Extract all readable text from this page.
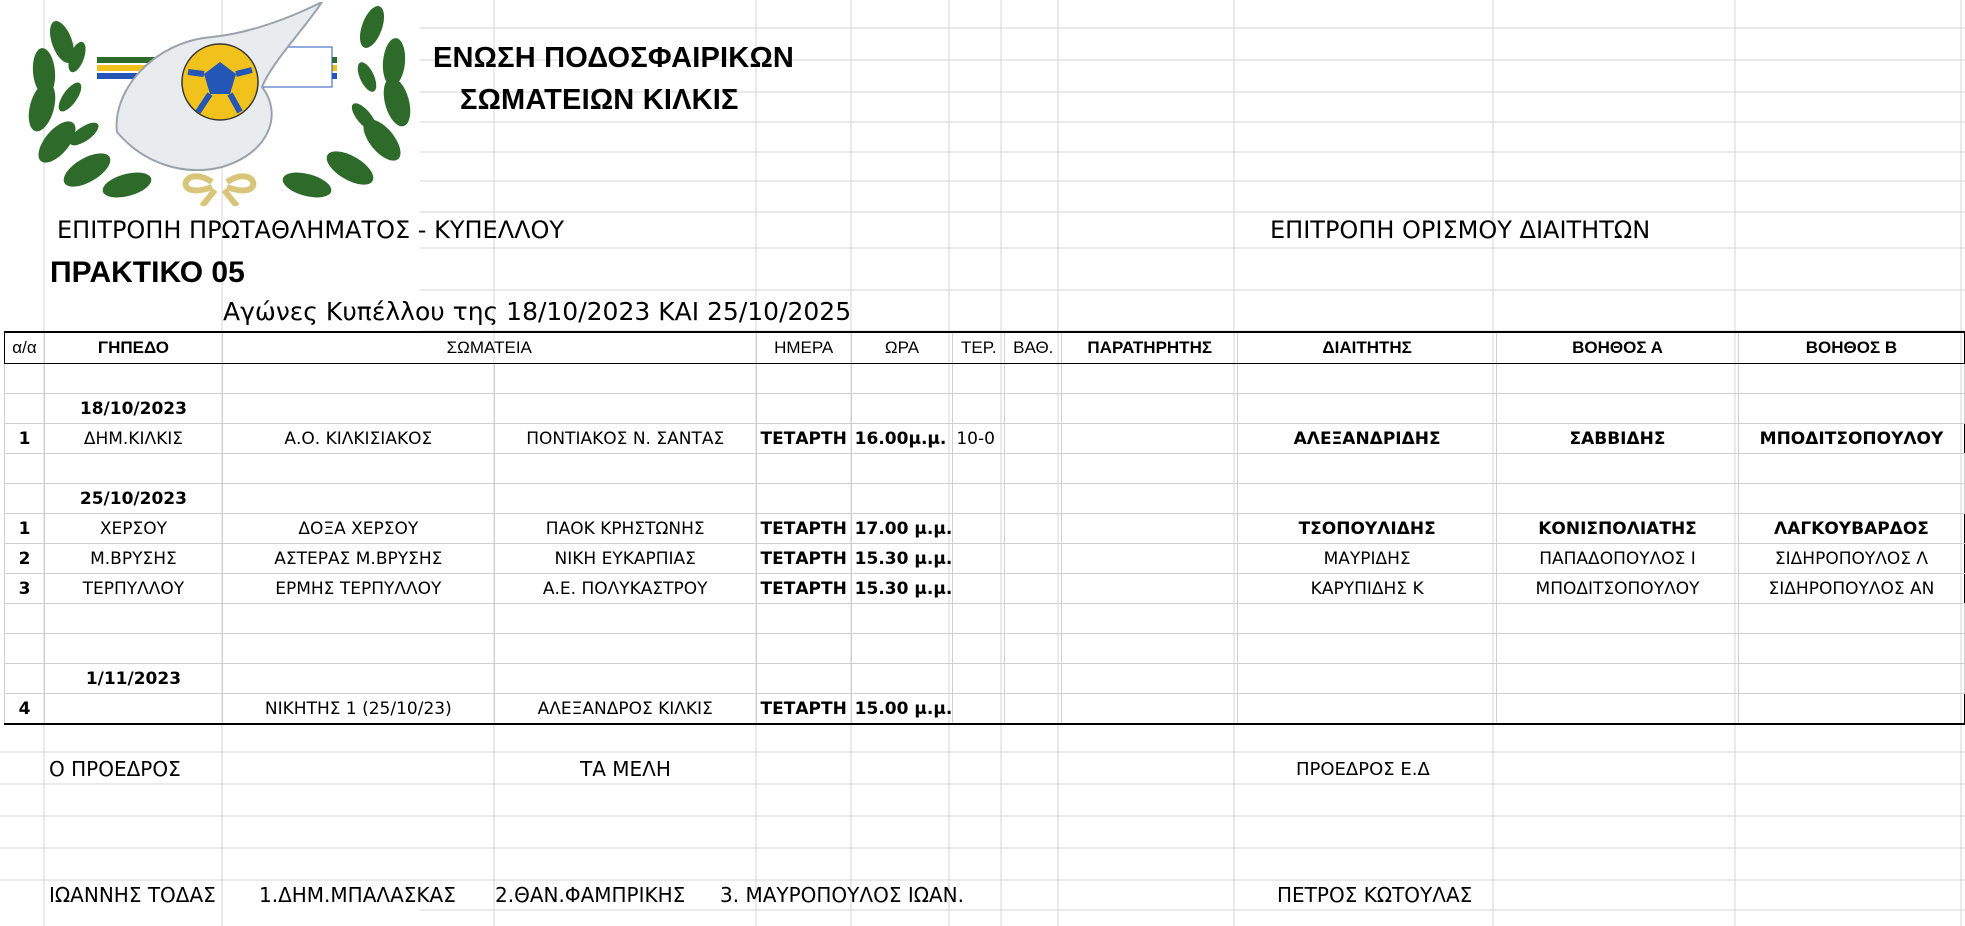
ΕΝΩΣΗ ΠΟΔΟΣΦΑΙΡΙΚΩΝ
ΣΩΜΑΤΕΙΩΝ ΚΙΛΚΙΣ
ΕΠΙΤΡΟΠΗ ΠΡΩΤΑΘΛΗΜΑΤΟΣ - ΚΥΠΕΛΛΟΥ	ΕΠΙΤΡΟΠΗ ΟΡΙΣΜΟΥ ΔΙΑΙΤΗΤΩΝ
ΠΡΑΚΤΙΚΟ 05
Αγώνες Κυπέλλου της 18/10/2023 ΚΑΙ 25/10/2025
α/α	ΓΗΠΕΔΟ	ΣΩΜΑΤΕΙΑ		ΗΜΕΡΑ	ΩΡΑ	ΤΕΡ.	ΒΑΘ.	ΠΑΡΑΤΗΡΗΤΗΣ	ΔΙΑΙΤΗΤΗΣ	ΒΟΗΘΟΣ Α	ΒΟΗΘΟΣ Β

	18/10/2023										
1	ΔΗΜ.ΚΙΛΚΙΣ	Α.Ο. ΚΙΛΚΙΣΙΑΚΟΣ	ΠΟΝΤΙΑΚΟΣ Ν. ΣΑΝΤΑΣ	ΤΕΤΑΡΤΗ	16.00μ.μ.	10-0			ΑΛΕΞΑΝΔΡΙΔΗΣ	ΣΑΒΒΙΔΗΣ	ΜΠΟΔΙΤΣΟΠΟΥΛΟΥ

	25/10/2023										
1	ΧΕΡΣΟΥ	ΔΟΞΑ ΧΕΡΣΟΥ	ΠΑΟΚ ΚΡΗΣΤΩΝΗΣ	ΤΕΤΑΡΤΗ	17.00 μ.μ.				ΤΣΟΠΟΥΛΙΔΗΣ	ΚΟΝΙΣΠΟΛΙΑΤΗΣ	ΛΑΓΚΟΥΒΑΡΔΟΣ
2	Μ.ΒΡΥΣΗΣ	ΑΣΤΕΡΑΣ Μ.ΒΡΥΣΗΣ	ΝΙΚΗ ΕΥΚΑΡΠΙΑΣ	ΤΕΤΑΡΤΗ	15.30 μ.μ.				ΜΑΥΡΙΔΗΣ	ΠΑΠΑΔΟΠΟΥΛΟΣ Ι	ΣΙΔΗΡΟΠΟΥΛΟΣ Λ
3	ΤΕΡΠΥΛΛΟΥ	ΕΡΜΗΣ ΤΕΡΠΥΛΛΟΥ	Α.Ε. ΠΟΛΥΚΑΣΤΡΟΥ	ΤΕΤΑΡΤΗ	15.30 μ.μ.				ΚΑΡΥΠΙΔΗΣ Κ	ΜΠΟΔΙΤΣΟΠΟΥΛΟΥ	ΣΙΔΗΡΟΠΟΥΛΟΣ ΑΝ

	1/11/2023										
4		ΝΙΚΗΤΗΣ 1 (25/10/23)	ΑΛΕΞΑΝΔΡΟΣ ΚΙΛΚΙΣ	ΤΕΤΑΡΤΗ	15.00 μ.μ.						
Ο ΠΡΟΕΔΡΟΣ	ΤΑ ΜΕΛΗ	ΠΡΟΕΔΡΟΣ Ε.Δ
ΙΩΑΝΝΗΣ ΤΟΔΑΣ 1.ΔΗΜ.ΜΠΑΛΑΣΚΑΣ 2.ΘΑΝ.ΦΑΜΠΡΙΚΗΣ 3. ΜΑΥΡΟΠΟΥΛΟΣ ΙΩΑΝ.	ΠΕΤΡΟΣ ΚΩΤΟΥΛΑΣ
